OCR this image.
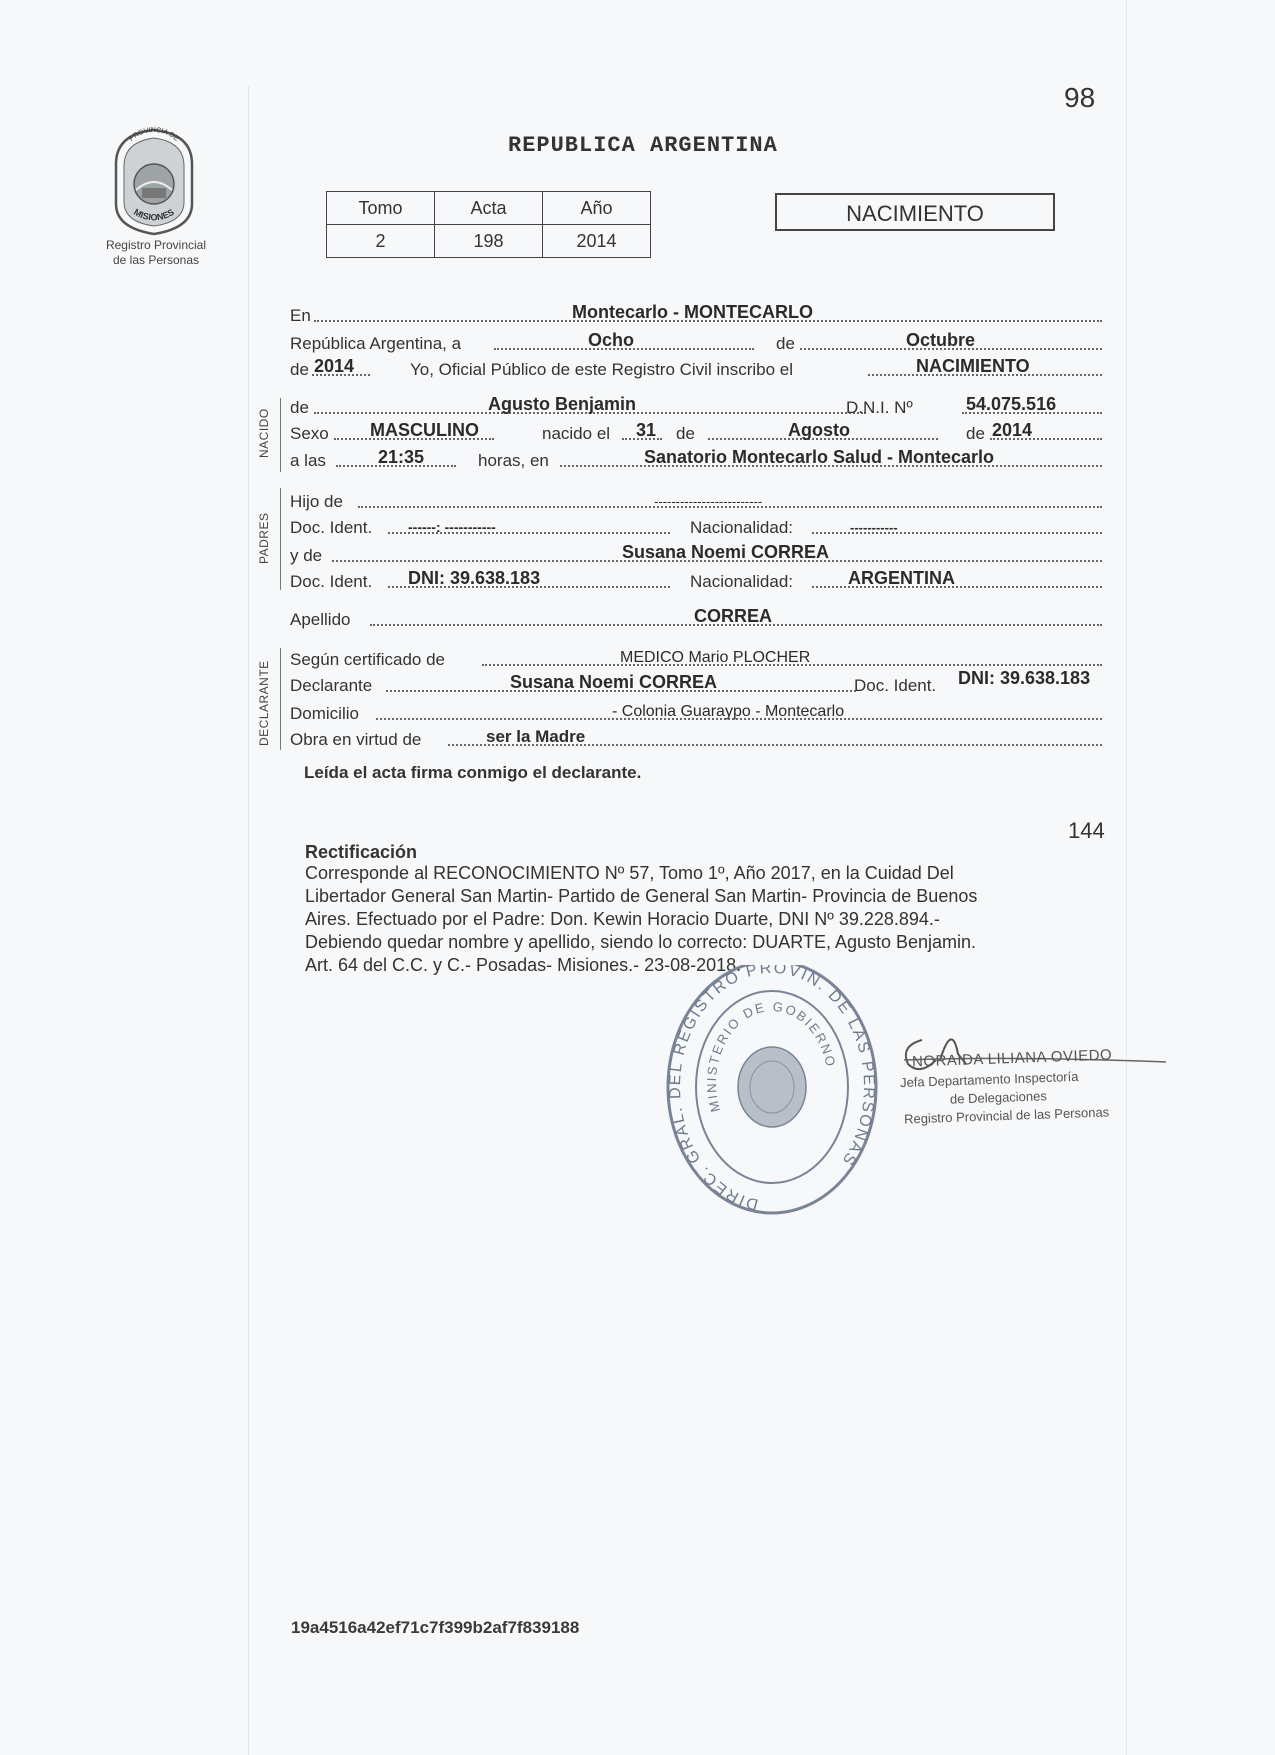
98
PROVINCIA DE
MISIONES
Registro Provincial
de las Personas
REPUBLICA ARGENTINA
Tomo	Acta	Año
2	198	2014
NACIMIENTO
En	Montecarlo - MONTECARLO
República Argentina, a	Ocho	de	Octubre
de 2014	Yo, Oficial Público de este Registro Civil inscribo el	NACIMIENTO
NACIDO
de	Agusto Benjamin	D.N.I. Nº	54.075.516
Sexo MASCULINO	nacido el 31 de	Agosto	de 2014
a las	21:35	horas, en	Sanatorio Montecarlo Salud - Montecarlo
PADRES
Hijo de	-------------------------
Doc. Ident.	------: -----------	Nacionalidad:	-----------
y de	Susana Noemi CORREA
Doc. Ident. DNI: 39.638.183	Nacionalidad:	ARGENTINA
Apellido	CORREA
DECLARANTE
Según certificado de	MEDICO Mario PLOCHER
Declarante	Susana Noemi CORREA	Doc. Ident. DNI: 39.638.183
Domicilio	- Colonia Guaraypo - Montecarlo
Obra en virtud de	ser la Madre
Leída el acta firma conmigo el declarante.
144
Rectificación
Corresponde al RECONOCIMIENTO Nº 57, Tomo 1º, Año 2017, en la Cuidad Del
Libertador General San Martin- Partido de General San Martin- Provincia de Buenos
Aires. Efectuado por el Padre: Don. Kewin Horacio Duarte, DNI Nº 39.228.894.-
Debiendo quedar nombre y apellido, siendo lo correcto: DUARTE, Agusto Benjamin.
Art. 64 del C.C. y C.- Posadas- Misiones.- 23-08-2018.
DIREC. GRAL. DEL REGISTRO PROVIN. DE LAS PERSONAS
MINISTERIO DE GOBIERNO	NORAIDA LILIANA OVIEDO
Jefa Departamento Inspectoría
de Delegaciones
Registro Provincial de las Personas
19a4516a42ef71c7f399b2af7f839188
